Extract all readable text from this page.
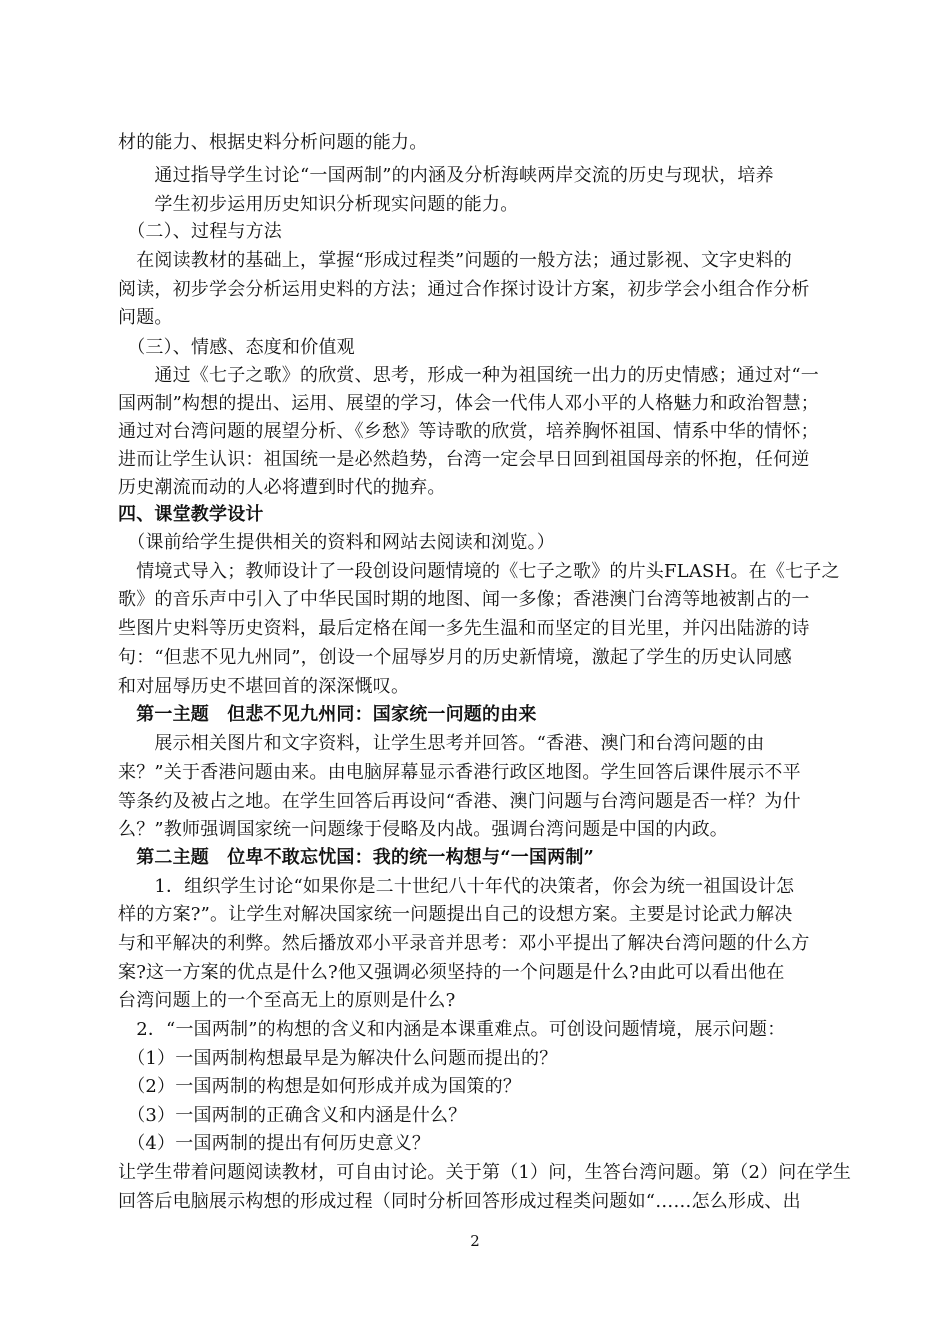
材的能力、根据史料分析问题的能力。
　　通过指导学生讨论“一国两制”的内涵及分析海峡两岸交流的历史与现状，培养
　　学生初步运用历史知识分析现实问题的能力。
　（二）、过程与方法
　在阅读教材的基础上，掌握“形成过程类”问题的一般方法；通过影视、文字史料的
阅读，初步学会分析运用史料的方法；通过合作探讨设计方案，初步学会小组合作分析
问题。
　（三）、情感、态度和价值观
　　通过《七子之歌》的欣赏、思考，形成一种为祖国统一出力的历史情感；通过对“一
国两制”构想的提出、运用、展望的学习，体会一代伟人邓小平的人格魅力和政治智慧；
通过对台湾问题的展望分析、《乡愁》等诗歌的欣赏，培养胸怀祖国、情系中华的情怀；
进而让学生认识：祖国统一是必然趋势，台湾一定会早日回到祖国母亲的怀抱，任何逆
历史潮流而动的人必将遭到时代的抛弃。
四、课堂教学设计
　（课前给学生提供相关的资料和网站去阅读和浏览。）
　情境式导入；教师设计了一段创设问题情境的《七子之歌》的片头FLASH。在《七子之
歌》的音乐声中引入了中华民国时期的地图、闻一多像；香港澳门台湾等地被割占的一
些图片史料等历史资料，最后定格在闻一多先生温和而坚定的目光里，并闪出陆游的诗
句：“但悲不见九州同”，创设一个屈辱岁月的历史新情境，激起了学生的历史认同感
和对屈辱历史不堪回首的深深慨叹。
　第一主题　但悲不见九州同：国家统一问题的由来
　　展示相关图片和文字资料，让学生思考并回答。“香港、澳门和台湾问题的由
来？”关于香港问题由来。由电脑屏幕显示香港行政区地图。学生回答后课件展示不平
等条约及被占之地。在学生回答后再设问“香港、澳门问题与台湾问题是否一样？为什
么？”教师强调国家统一问题缘于侵略及内战。强调台湾问题是中国的内政。
　第二主题　位卑不敢忘忧国：我的统一构想与“一国两制”
　　1．组织学生讨论“如果你是二十世纪八十年代的决策者，你会为统一祖国设计怎
样的方案?”。让学生对解决国家统一问题提出自己的设想方案。主要是讨论武力解决
与和平解决的利弊。然后播放邓小平录音并思考：邓小平提出了解决台湾问题的什么方
案?这一方案的优点是什么?他又强调必须坚持的一个问题是什么?由此可以看出他在
台湾问题上的一个至高无上的原则是什么?
　2．“一国两制”的构想的含义和内涵是本课重难点。可创设问题情境，展示问题：
　（1）一国两制构想最早是为解决什么问题而提出的？
　（2）一国两制的构想是如何形成并成为国策的？
　（3）一国两制的正确含义和内涵是什么？
　（4）一国两制的提出有何历史意义？
让学生带着问题阅读教材，可自由讨论。关于第（1）问，生答台湾问题。第（2）问在学生
回答后电脑展示构想的形成过程（同时分析回答形成过程类问题如“……怎么形成、出
2
